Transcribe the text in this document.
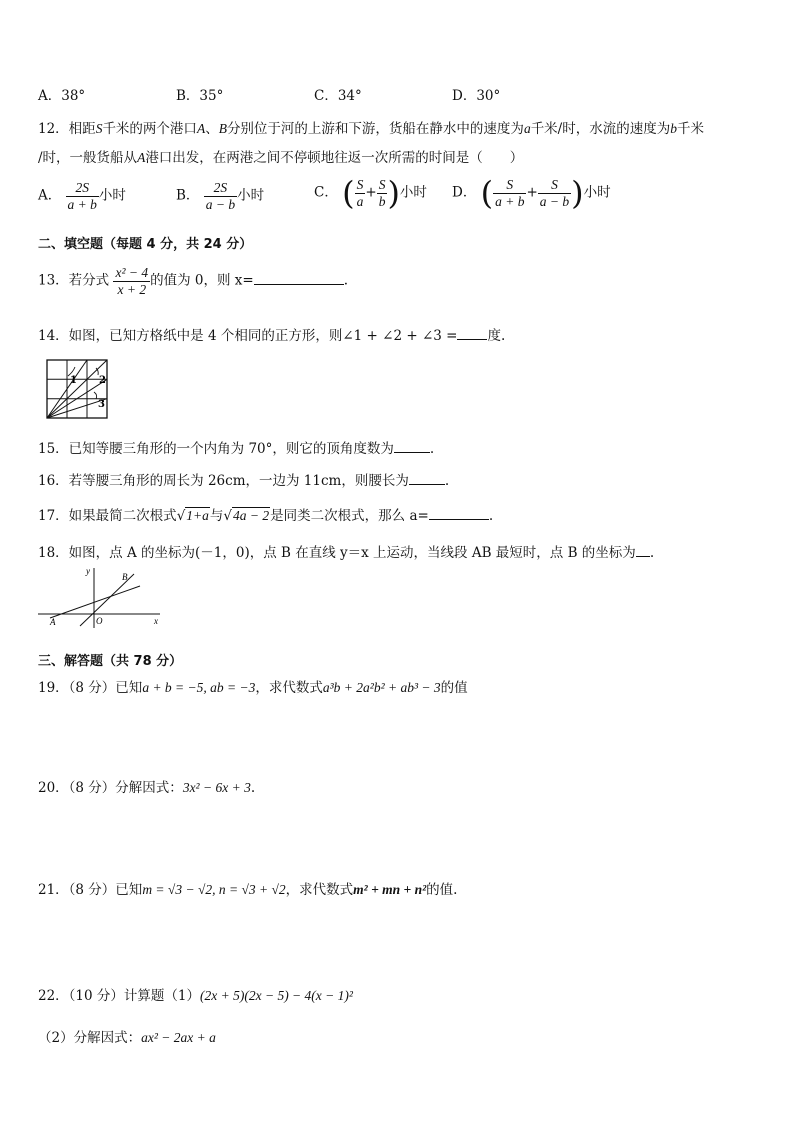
A．38°	B．35°	C．34°	D．30°
12．相距S千米的两个港口A、B分别位于河的上游和下游，货船在静水中的速度为a千米/时，水流的速度为b千米
/时，一般货船从A港口出发，在两港之间不停顿地往返一次所需的时间是（　　）
A． $\frac{2S}{a + b}$ 小时	B． $\frac{2S}{a - b}$ 小时	C． ( $\frac{S}{a} + \frac{S}{b}$ )小时 D． ( $\frac{S}{a + b} + \frac{S}{a - b}$ )小时
二、填空题（每题 4 分，共 24 分）
13．若分式 $\frac{\text{x² − 4}}{x + 2}$ 的值为 0，则 x=	.
14．如图，已知方格纸中是 4 个相同的正方形，则∠1 + ∠2 + ∠3 = 度.
1 2
3
15．已知等腰三角形的一个内角为 70°，则它的顶角度数为	.
16．若等腰三角形的周长为 26cm，一边为 11cm，则腰长为	.
17．如果最简二次根式√1+a与√4a − 2是同类二次根式，那么 a=	.
18．如图，点 A 的坐标为(－1，0)，点 B 在直线 y＝x 上运动，当线段 AB 最短时，点 B 的坐标为 .
y
B
A	O	x
三、解答题（共 78 分）
19．（8 分）已知a + b = −5, ab = −3，求代数式a³b + 2a²b² + ab³ − 3的值
20．（8 分）分解因式：3x² − 6x + 3.
21．（8 分）已知m = √3 − √2, n = √3 + √2，求代数式m² + mn + n²的值.
22．（10 分）计算题（1）(2x + 5)(2x − 5) − 4(x − 1)²
（2）分解因式：ax² − 2ax + a
